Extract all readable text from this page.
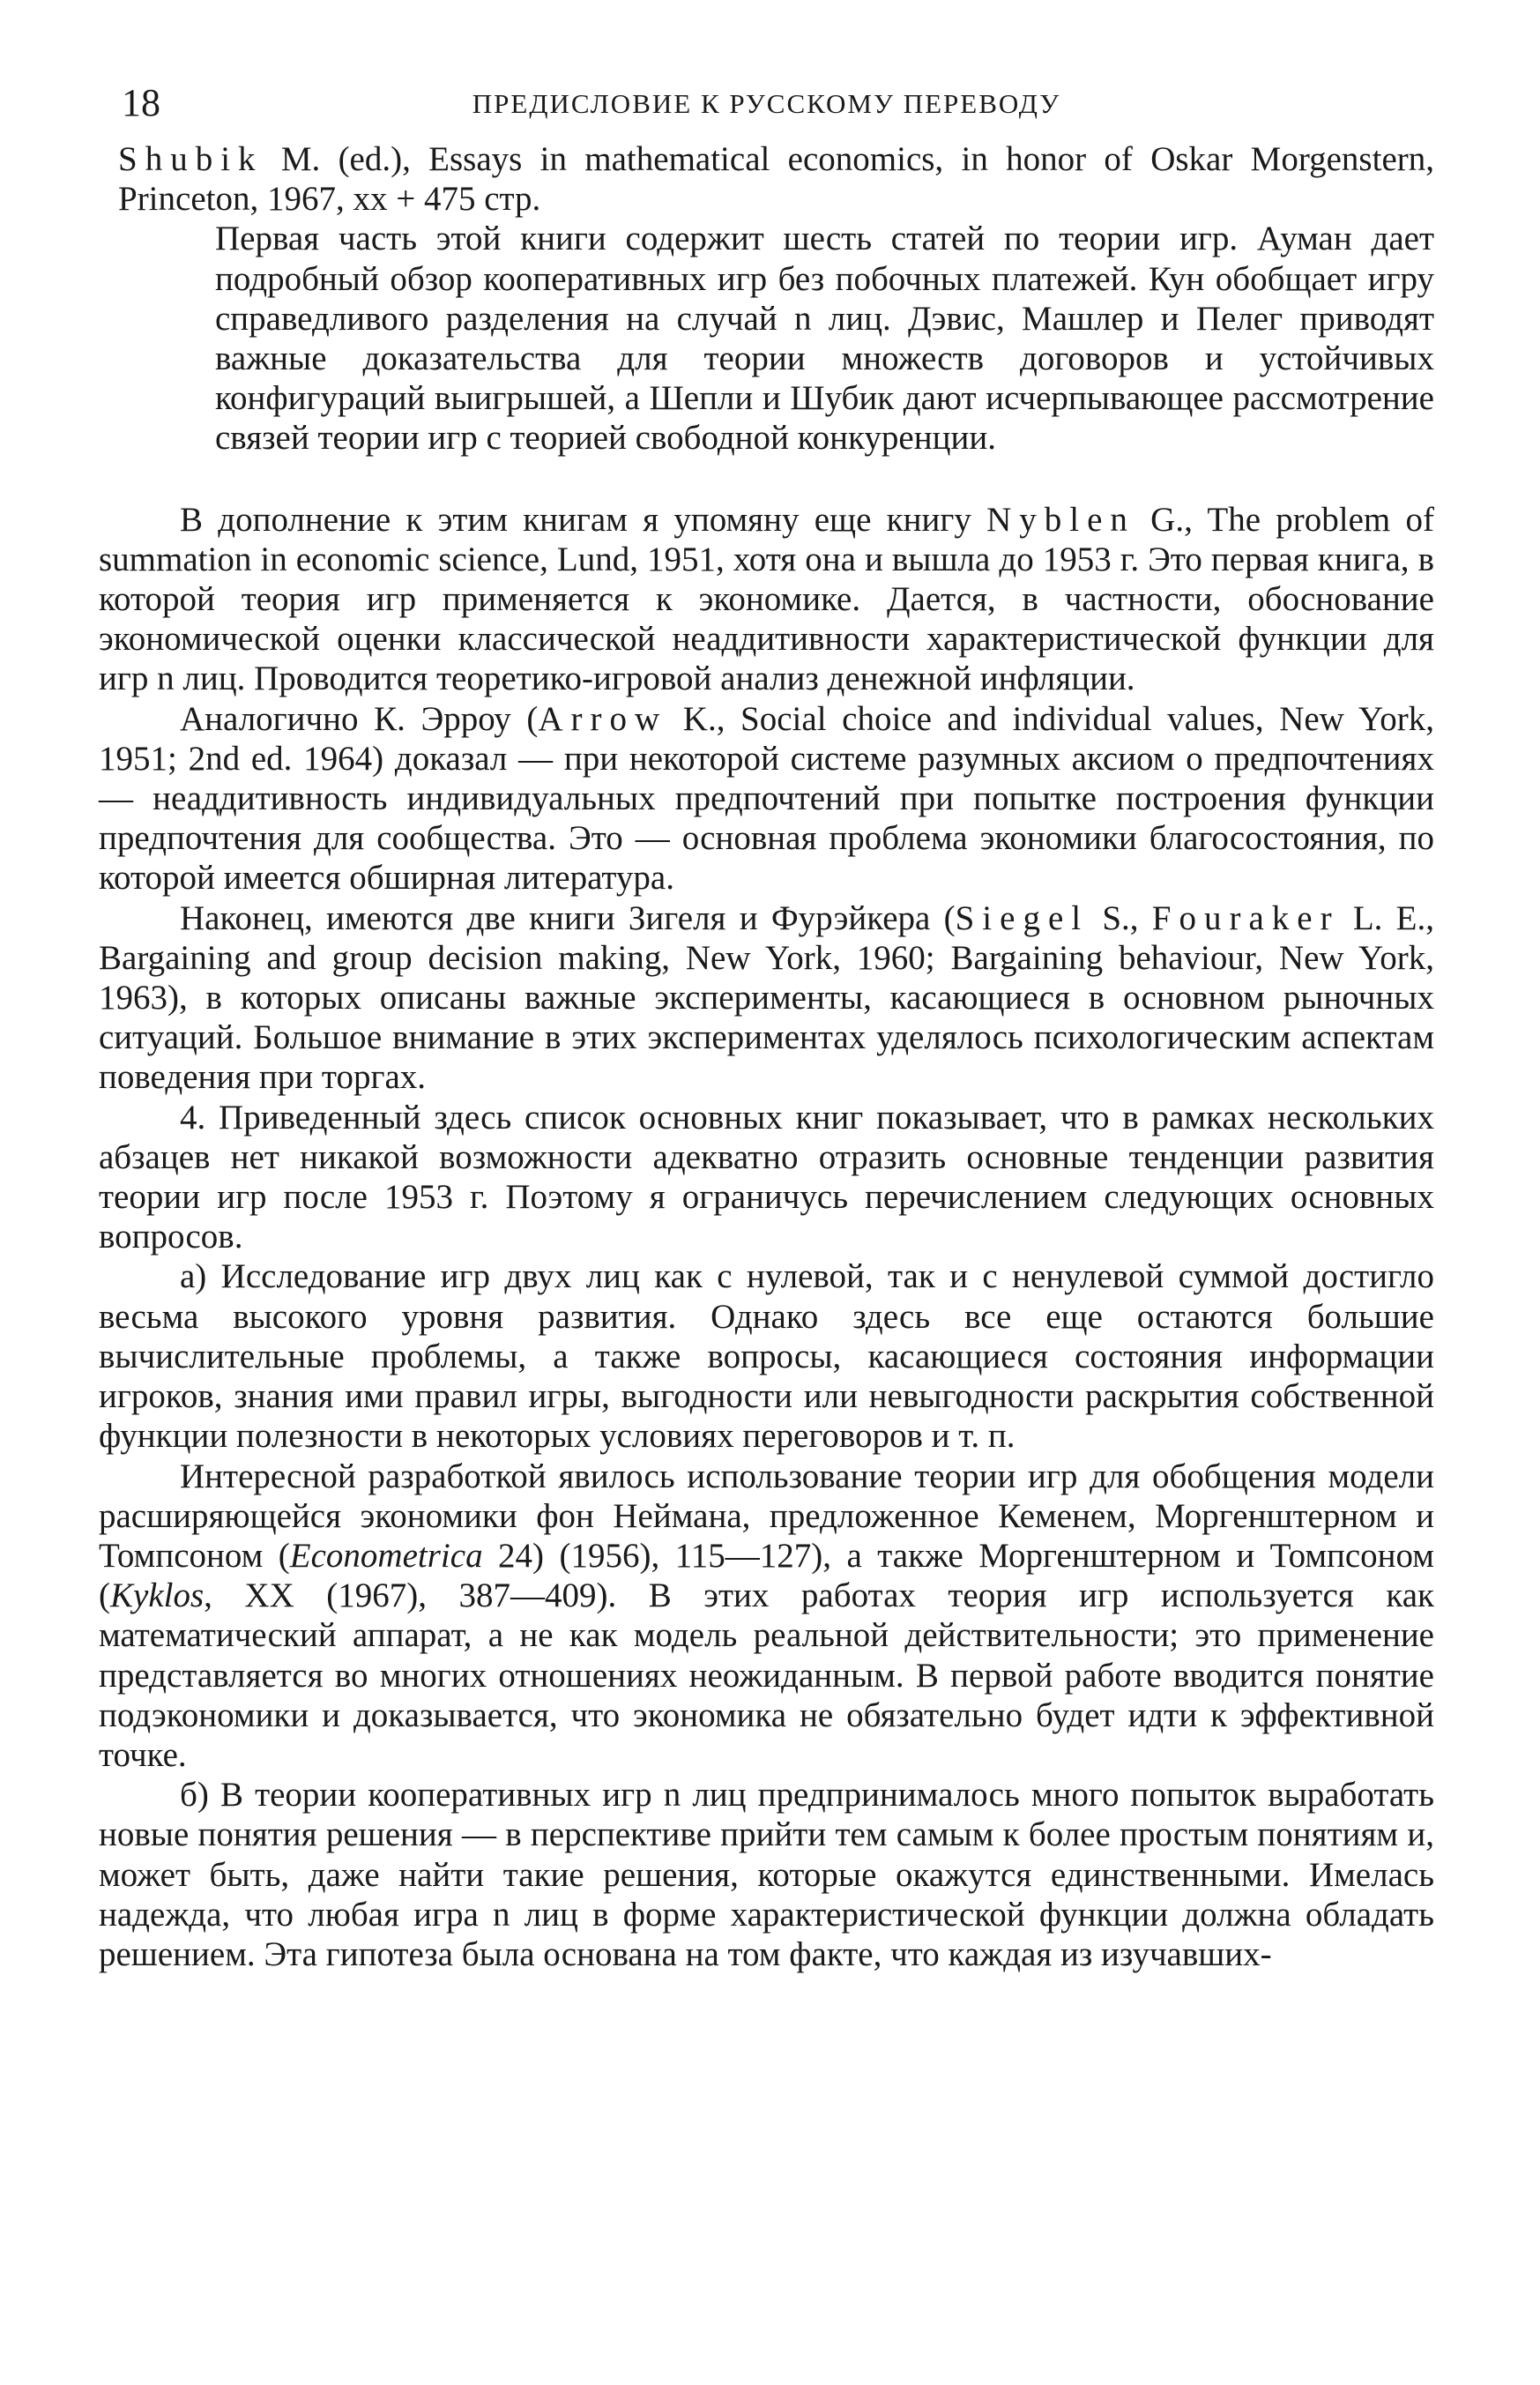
18	ПРЕДИСЛОВИЕ К РУССКОМУ ПЕРЕВОДУ

Shubik M. (ed.), Essays in mathematical economics, in honor of Oskar Morgenstern, Princeton, 1967, xx + 475 стр.

Первая часть этой книги содержит шесть статей по теории игр. Ауман дает подробный обзор кооперативных игр без побочных платежей. Кун обобщает игру справедливого разделения на случай n лиц. Дэвис, Машлер и Пелег приводят важные доказательства для теории множеств договоров и устойчивых конфигураций выигрышей, а Шепли и Шубик дают исчерпывающее рассмотрение связей теории игр с теорией свободной конкуренции.

В дополнение к этим книгам я упомяну еще книгу Nyblen G., The problem of summation in economic science, Lund, 1951, хотя она и вышла до 1953 г. Это первая книга, в которой теория игр применяется к экономике. Дается, в частности, обоснование экономической оценки классической неаддитивности характеристической функции для игр n лиц. Проводится теоретико-игровой анализ денежной инфляции.

Аналогично К. Эрроу (Arrow K., Social choice and individual values, New York, 1951; 2nd ed. 1964) доказал — при некоторой системе разумных аксиом о предпочтениях — неаддитивность индивидуальных предпочтений при попытке построения функции предпочтения для сообщества. Это — основная проблема экономики благосостояния, по которой имеется обширная литература.

Наконец, имеются две книги Зигеля и Фурэйкера (Siegel S., Fouraker L. E., Bargaining and group decision making, New York, 1960; Bargaining behaviour, New York, 1963), в которых описаны важные эксперименты, касающиеся в основном рыночных ситуаций. Большое внимание в этих экспериментах уделялось психологическим аспектам поведения при торгах.

4. Приведенный здесь список основных книг показывает, что в рамках нескольких абзацев нет никакой возможности адекватно отразить основные тенденции развития теории игр после 1953 г. Поэтому я ограничусь перечислением следующих основных вопросов.

а) Исследование игр двух лиц как с нулевой, так и с ненулевой суммой достигло весьма высокого уровня развития. Однако здесь все еще остаются большие вычислительные проблемы, а также вопросы, касающиеся состояния информации игроков, знания ими правил игры, выгодности или невыгодности раскрытия собственной функции полезности в некоторых условиях переговоров и т. п.

Интересной разработкой явилось использование теории игр для обобщения модели расширяющейся экономики фон Неймана, предложенное Кеменем, Моргенштерном и Томпсоном (Econometrica 24) (1956), 115—127), а также Моргенштерном и Томпсоном (Kyklos, XX (1967), 387—409). В этих работах теория игр используется как математический аппарат, а не как модель реальной действительности; это применение представляется во многих отношениях неожиданным. В первой работе вводится понятие подэкономики и доказывается, что экономика не обязательно будет идти к эффективной точке.

б) В теории кооперативных игр n лиц предпринималось много попыток выработать новые понятия решения — в перспективе прийти тем самым к более простым понятиям и, может быть, даже найти такие решения, которые окажутся единственными. Имелась надежда, что любая игра n лиц в форме характеристической функции должна обладать решением. Эта гипотеза была основана на том факте, что каждая из изучавших-
